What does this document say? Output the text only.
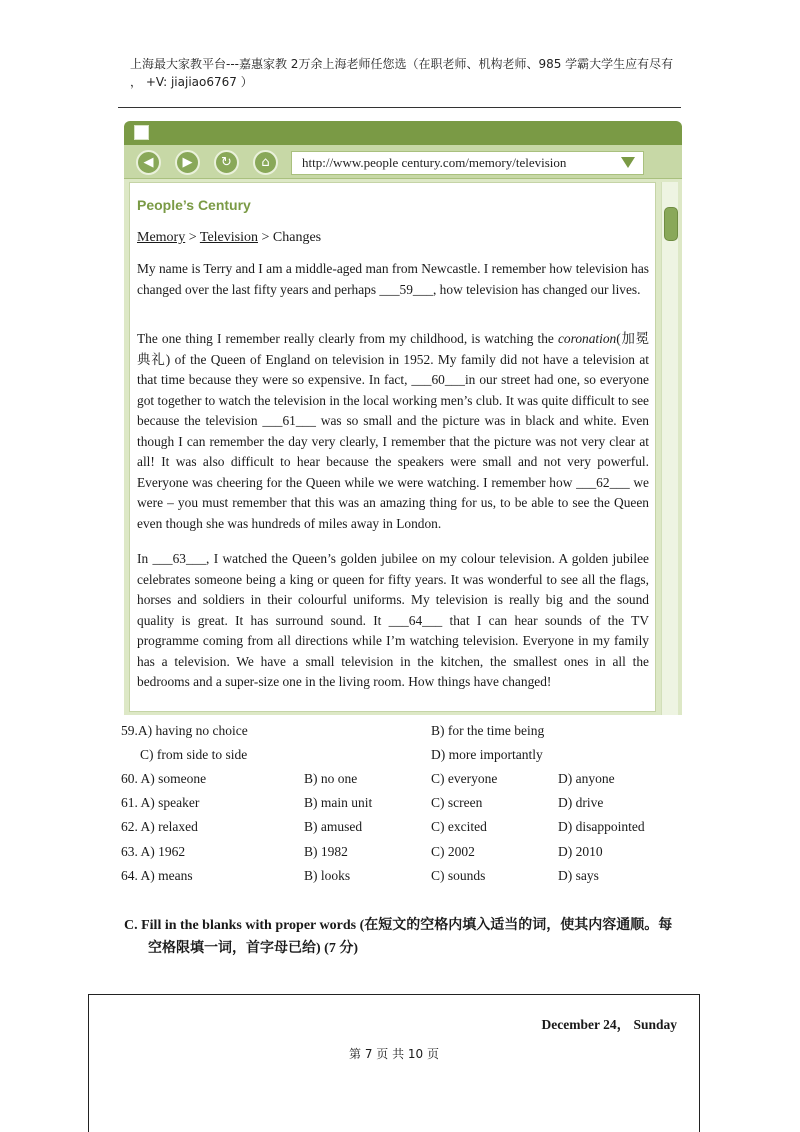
上海最大家教平台---嘉惠家教 2万余上海老师任您选（在职老师、机构老师、985 学霸大学生应有尽有 ， +V: jiajiao6767 ）
◀	▶	↻	⌂	http://www.people century.com/memory/television
People’s Century
Memory > Television > Changes
My name is Terry and I am a middle-aged man from Newcastle. I remember how television has changed over the last fifty years and perhaps ___59___, how television has changed our lives.
The one thing I remember really clearly from my childhood, is watching the coronation(加冕典礼) of the Queen of England on television in 1952. My family did not have a television at that time because they were so expensive. In fact, ___60___in our street had one, so everyone got together to watch the television in the local working men’s club. It was quite difficult to see because the television ___61___ was so small and the picture was in black and white. Even though I can remember the day very clearly, I remember that the picture was not very clear at all! It was also difficult to hear because the speakers were small and not very powerful. Everyone was cheering for the Queen while we were watching. I remember how ___62___ we were – you must remember that this was an amazing thing for us, to be able to see the Queen even though she was hundreds of miles away in London.
In ___63___, I watched the Queen’s golden jubilee on my colour television. A golden jubilee celebrates someone being a king or queen for fifty years. It was wonderful to see all the flags, horses and soldiers in their colourful uniforms. My television is really big and the sound quality is great. It has surround sound. It ___64___ that I can hear sounds of the TV programme coming from all directions while I’m watching television. Everyone in my family has a television. We have a small television in the kitchen, the smallest ones in all the bedrooms and a super-size one in the living room. How things have changed!
59.A) having no choice	B) for the time being
C) from side to side	D) more importantly
60. A) someone	B) no one	C) everyone	D) anyone
61. A) speaker	B) main unit	C) screen	D) drive
62. A) relaxed	B) amused	C) excited	D) disappointed
63. A) 1962	B) 1982	C) 2002	D) 2010
64. A) means	B) looks	C) sounds	D) says
C. Fill in the blanks with proper words (在短文的空格内填入适当的词，使其内容通顺。每
空格限填一词，首字母已给) (7 分)
December 24， Sunday
第 7 页 共 10 页
